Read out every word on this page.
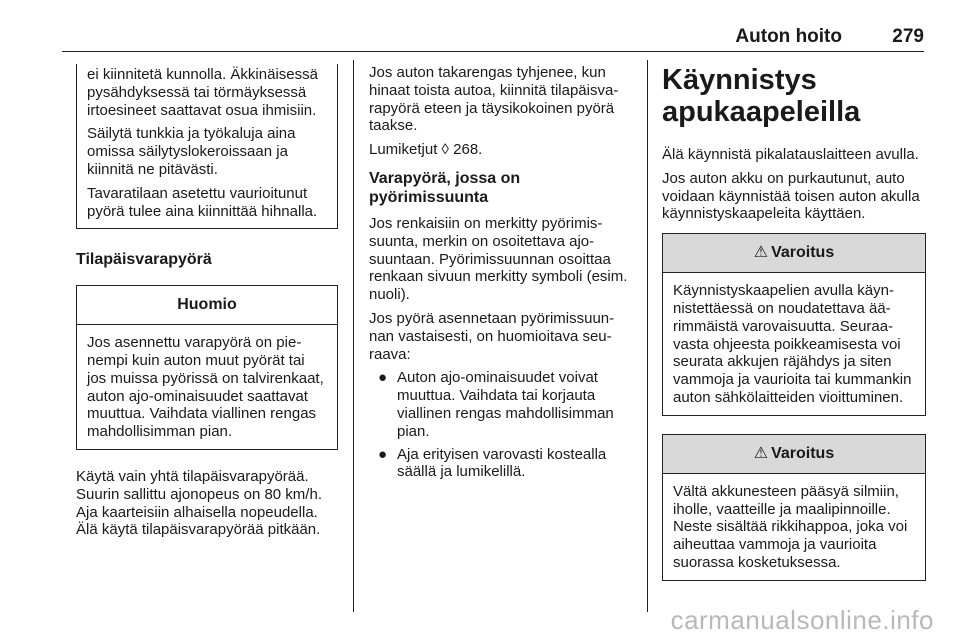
Auton hoito	279

ei kiinnitetä kunnolla. Äkkinäisessä pysähdyksessä tai törmäyksessä irtoesineet saattavat osua ihmisiin.

Säilytä tunkkia ja työkaluja aina omissa säilytyslokeroissaan ja kiinnitä ne pitävästi.

Tavaratilaan asetettu vaurioitunut pyörä tulee aina kiinnittää hihnalla.

Tilapäisvarapyörä
Huomio

Jos asennettu varapyörä on pienempi kuin auton muut pyörät tai jos muissa pyörissä on talvirenkaat, auton ajo-ominaisuudet saattavat muuttua. Vaihdata viallinen rengas mahdollisimman pian.

Käytä vain yhtä tilapäisvarapyörää. Suurin sallittu ajonopeus on 80 km/h. Aja kaarteisiin alhaisella nopeudella. Älä käytä tilapäisvarapyörää pitkään.

Jos auton takarengas tyhjenee, kun hinaat toista autoa, kiinnitä tilapäisvarapyörä eteen ja täysikokoinen pyörä taakse.

Lumiketjut ◊ 268.

Varapyörä, jossa on pyörimissuunta

Jos renkaisiin on merkitty pyörimissuunta, merkin on osoitettava ajosuuntaan. Pyörimissuunnan osoittaa renkaan sivuun merkitty symboli (esim. nuoli).

Jos pyörä asennetaan pyörimissuunnan vastaisesti, on huomioitava seuraava:

● Auton ajo-ominaisuudet voivat muuttua. Vaihdata tai korjauta viallinen rengas mahdollisimman pian.
● Aja erityisen varovasti kostealla säällä ja lumikelillä.
Käynnistys apukaapeleilla

Älä käynnistä pikalatauslaitteen avulla.

Jos auton akku on purkautunut, auto voidaan käynnistää toisen auton akulla käynnistyskaapeleita käyttäen.

⚠ Varoitus

Käynnistyskaapelien avulla käynnistettäessä on noudatettava äärimmäistä varovaisuutta. Seuraavasta ohjeesta poikkeamisesta voi seurata akkujen räjähdys ja siten vammoja ja vaurioita tai kummankin auton sähkölaitteiden vioittuminen.

⚠ Varoitus

Vältä akkunesteen pääsyä silmiin, iholle, vaatteille ja maalipinnoille. Neste sisältää rikkihappoa, joka voi aiheuttaa vammoja ja vaurioita suorassa kosketuksessa.

carmanualsonline.info
